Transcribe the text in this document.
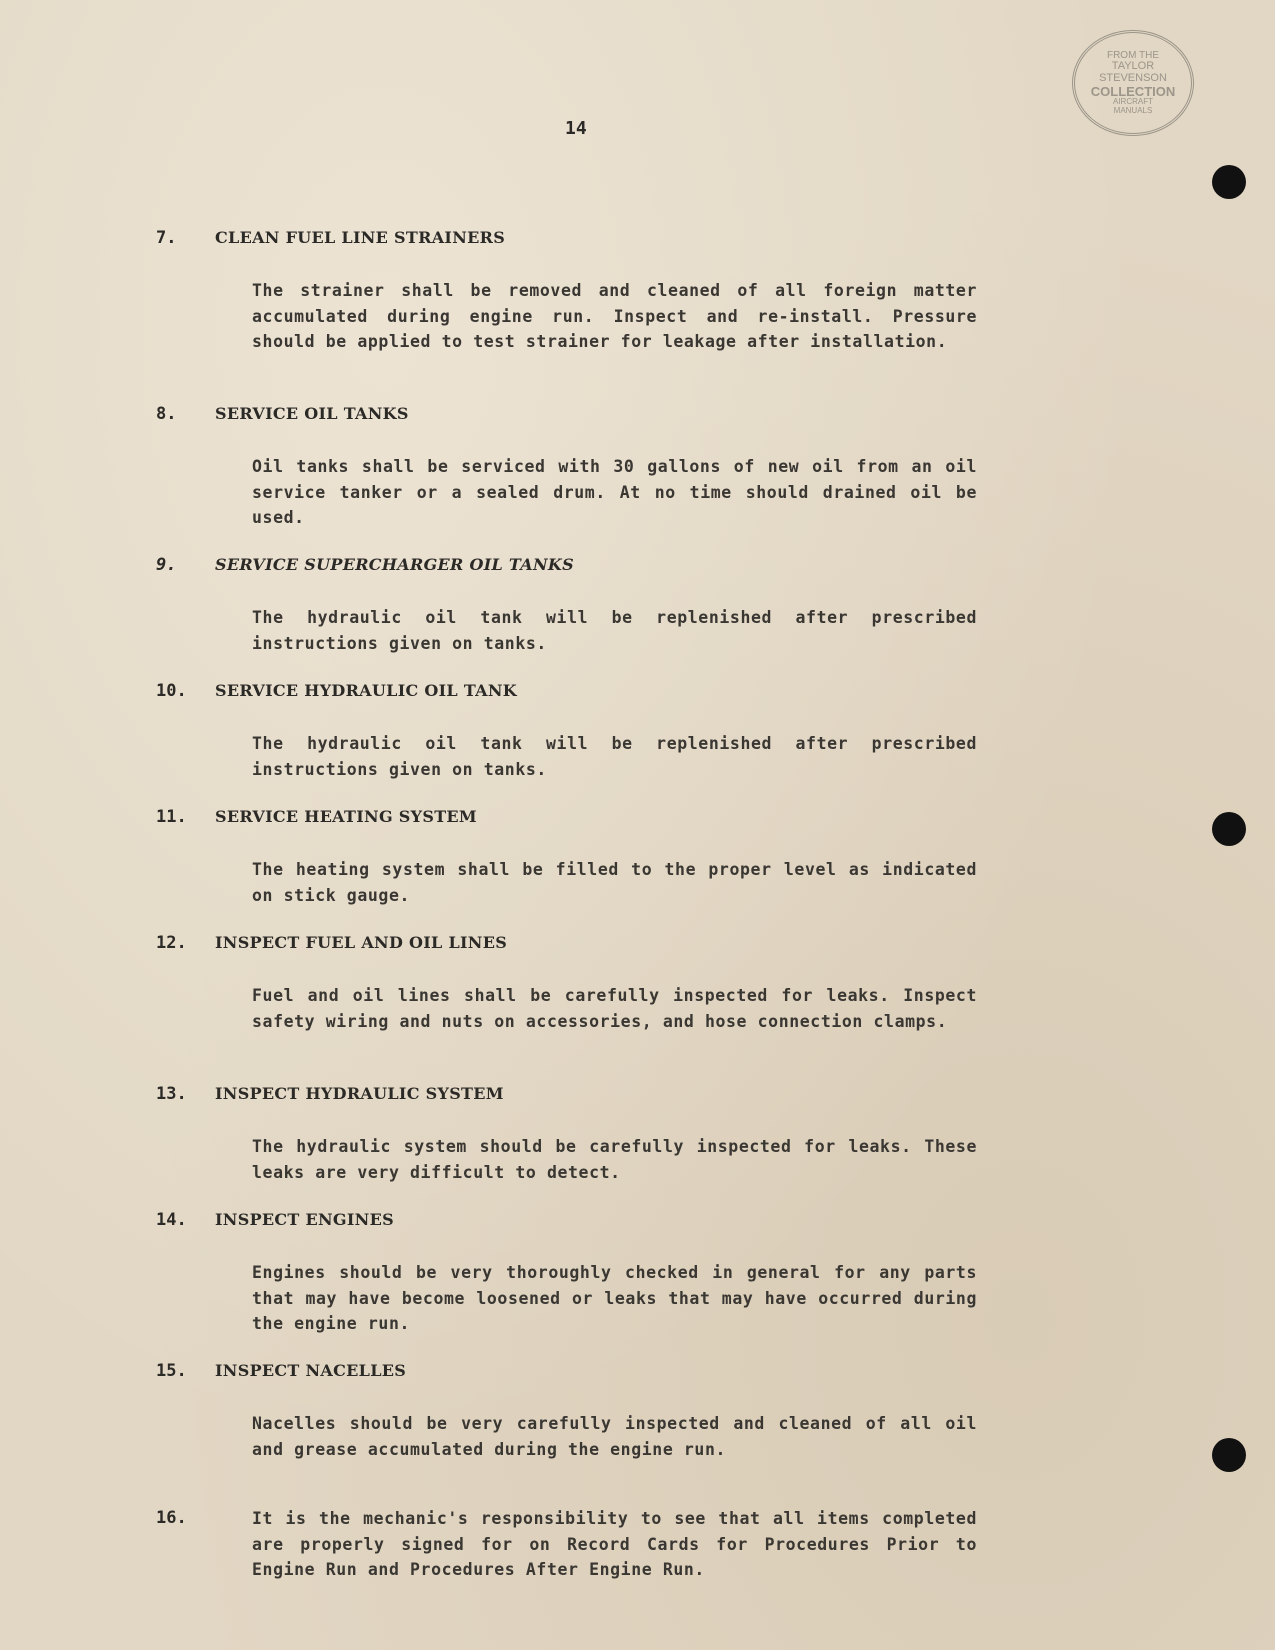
14
FROM THE
TAYLOR
STEVENSON
COLLECTION
AIRCRAFT
MANUALS
7. CLEAN FUEL LINE STRAINERS
The strainer shall be removed and cleaned of all foreign matter accumulated during engine run. Inspect and re-install. Pressure should be applied to test strainer for leakage after installation.
8. SERVICE OIL TANKS
Oil tanks shall be serviced with 30 gallons of new oil from an oil service tanker or a sealed drum. At no time should drained oil be used.
9. SERVICE SUPERCHARGER OIL TANKS
The hydraulic oil tank will be replenished after prescribed instructions given on tanks.
10. SERVICE HYDRAULIC OIL TANK
The hydraulic oil tank will be replenished after prescribed instructions given on tanks.
11. SERVICE HEATING SYSTEM
The heating system shall be filled to the proper level as indicated on stick gauge.
12. INSPECT FUEL AND OIL LINES
Fuel and oil lines shall be carefully inspected for leaks. Inspect safety wiring and nuts on accessories, and hose connection clamps.
13. INSPECT HYDRAULIC SYSTEM
The hydraulic system should be carefully inspected for leaks. These leaks are very difficult to detect.
14. INSPECT ENGINES
Engines should be very thoroughly checked in general for any parts that may have become loosened or leaks that may have occurred during the engine run.
15. INSPECT NACELLES
Nacelles should be very carefully inspected and cleaned of all oil and grease accumulated during the engine run.
16.	It is the mechanic's responsibility to see that all items completed are properly signed for on Record Cards for Procedures Prior to Engine Run and Procedures After Engine Run.
